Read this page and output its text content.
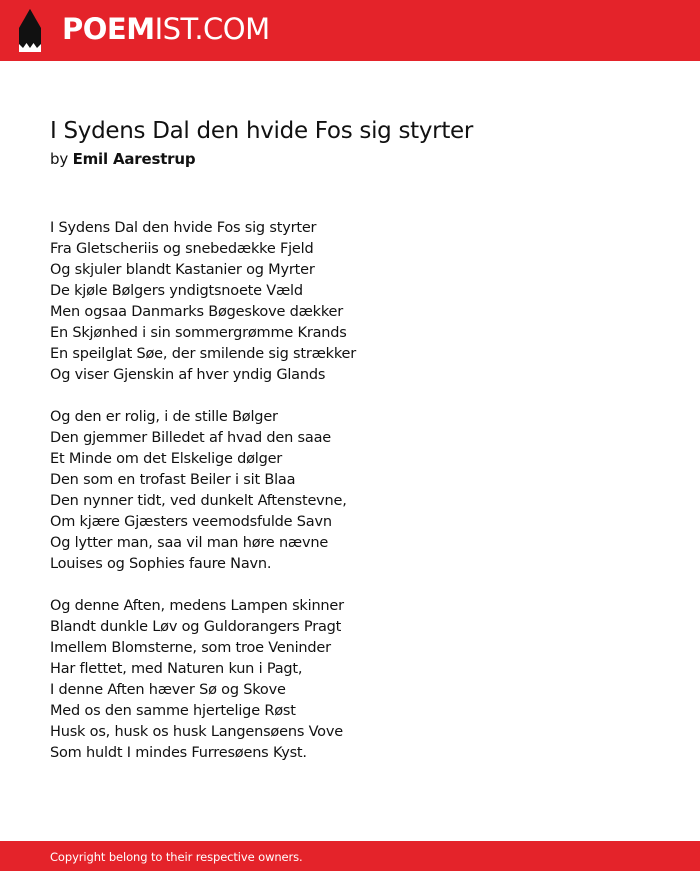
POEMIST.COM
I Sydens Dal den hvide Fos sig styrter
by Emil Aarestrup
I Sydens Dal den hvide Fos sig styrter
Fra Gletscheriis og snebedække Fjeld
Og skjuler blandt Kastanier og Myrter
De kjøle Bølgers yndigtsnoete Væld
Men ogsaa Danmarks Bøgeskove dækker
En Skjønhed i sin sommergrømme Krands
En speilglat Søe, der smilende sig strækker
Og viser Gjenskin af hver yndig Glands
Og den er rolig, i de stille Bølger
Den gjemmer Billedet af hvad den saae
Et Minde om det Elskelige dølger
Den som en trofast Beiler i sit Blaa
Den nynner tidt, ved dunkelt Aftenstevne,
Om kjære Gjæsters veemodsfulde Savn
Og lytter man, saa vil man høre nævne
Louises og Sophies faure Navn.
Og denne Aften, medens Lampen skinner
Blandt dunkle Løv og Guldorangers Pragt
Imellem Blomsterne, som troe Veninder
Har flettet, med Naturen kun i Pagt,
I denne Aften hæver Sø og Skove
Med os den samme hjertelige Røst
Husk os, husk os husk Langensøens Vove
Som huldt I mindes Furresøens Kyst.
Copyright belong to their respective owners.
